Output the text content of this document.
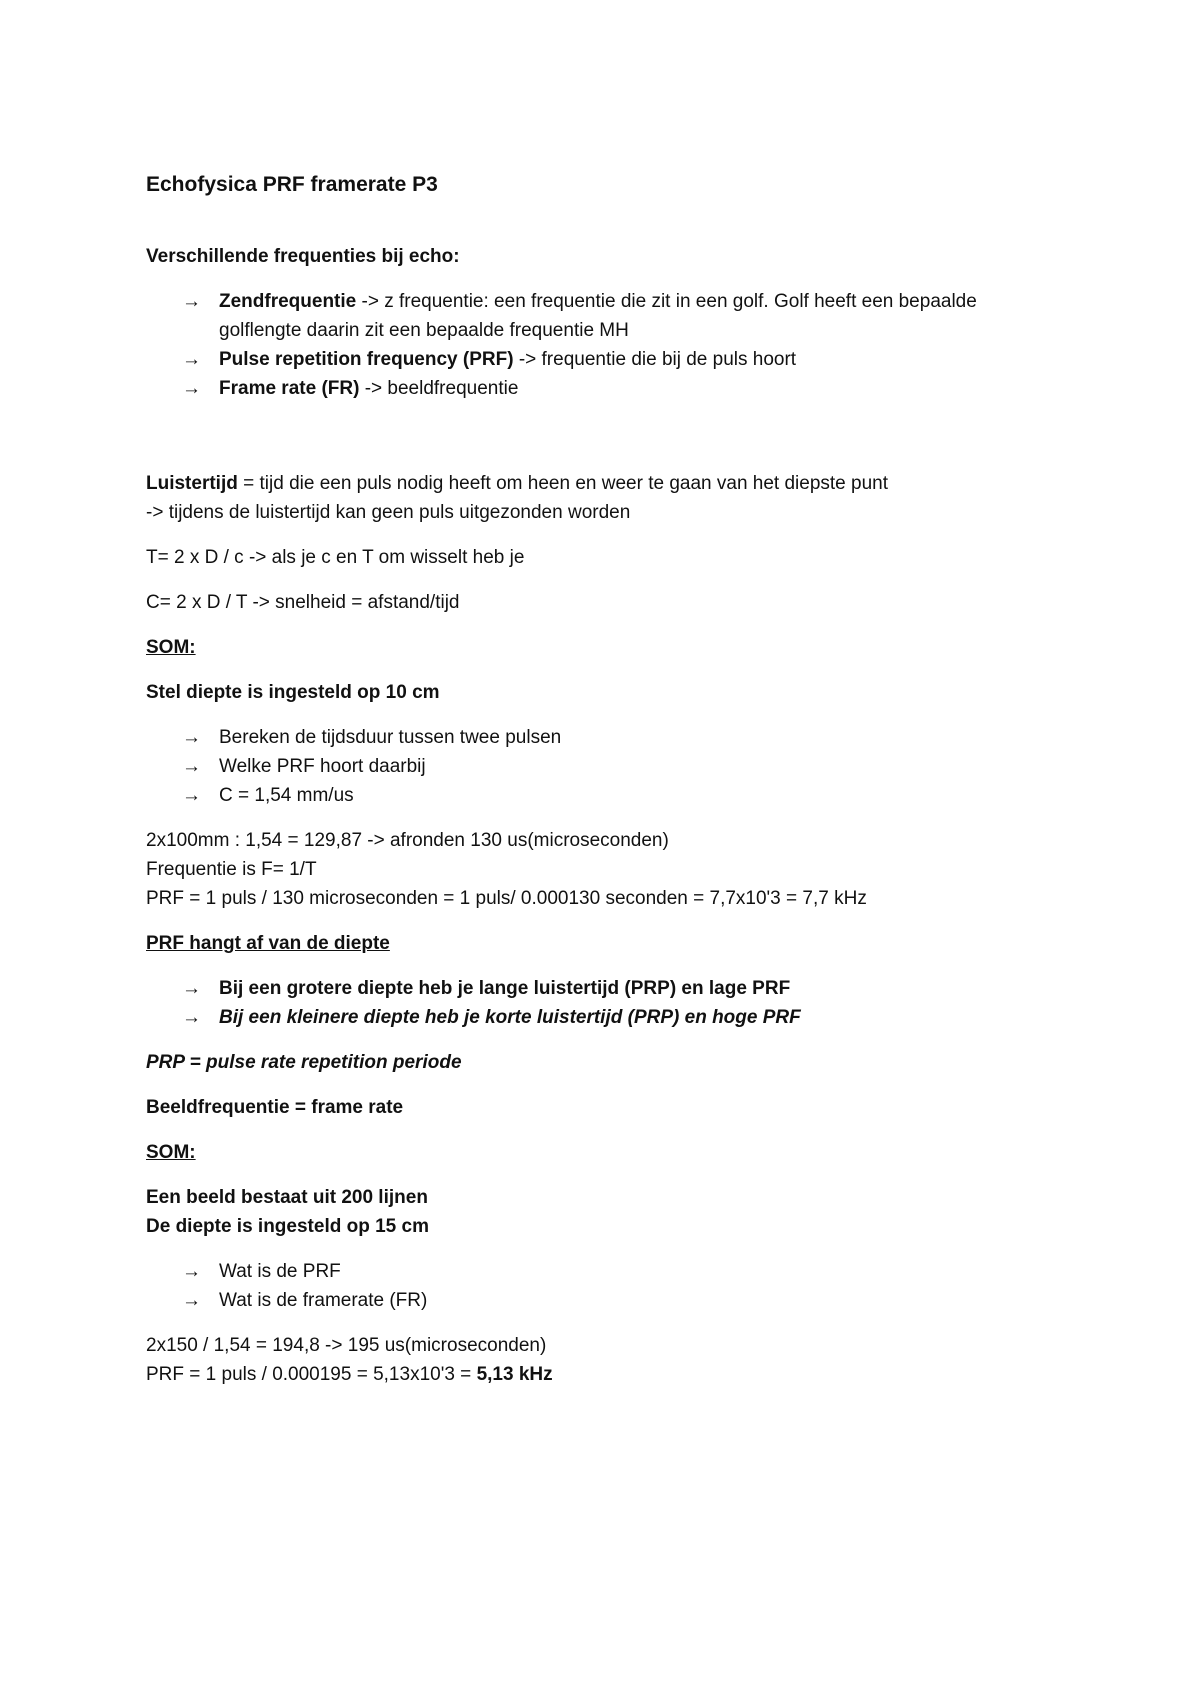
Echofysica PRF framerate P3
Verschillende frequenties bij echo:
→ Zendfrequentie -> z frequentie: een frequentie die zit in een golf. Golf heeft een bepaalde golflengte daarin zit een bepaalde frequentie MH
→ Pulse repetition frequency (PRF) -> frequentie die bij de puls hoort
→ Frame rate (FR) -> beeldfrequentie
Luistertijd = tijd die een puls nodig heeft om heen en weer te gaan van het diepste punt
-> tijdens de luistertijd kan geen puls uitgezonden worden
T= 2 x D / c -> als je c en T om wisselt heb je
C= 2 x D / T -> snelheid = afstand/tijd
SOM:
Stel diepte is ingesteld op 10 cm
→ Bereken de tijdsduur tussen twee pulsen
→ Welke PRF hoort daarbij
→ C = 1,54 mm/us
2x100mm : 1,54 = 129,87 -> afronden 130 us(microseconden)
Frequentie is F= 1/T
PRF = 1 puls / 130 microseconden = 1 puls/ 0.000130 seconden = 7,7x10'3 = 7,7 kHz
PRF hangt af van de diepte
→ Bij een grotere diepte heb je lange luistertijd (PRP) en lage PRF
→ Bij een kleinere diepte heb je korte luistertijd (PRP) en hoge PRF
PRP = pulse rate repetition periode
Beeldfrequentie = frame rate
SOM:
Een beeld bestaat uit 200 lijnen
De diepte is ingesteld op 15 cm
→ Wat is de PRF
→ Wat is de framerate (FR)
2x150 / 1,54 = 194,8 -> 195 us(microseconden)
PRF = 1 puls / 0.000195 = 5,13x10'3 = 5,13 kHz
